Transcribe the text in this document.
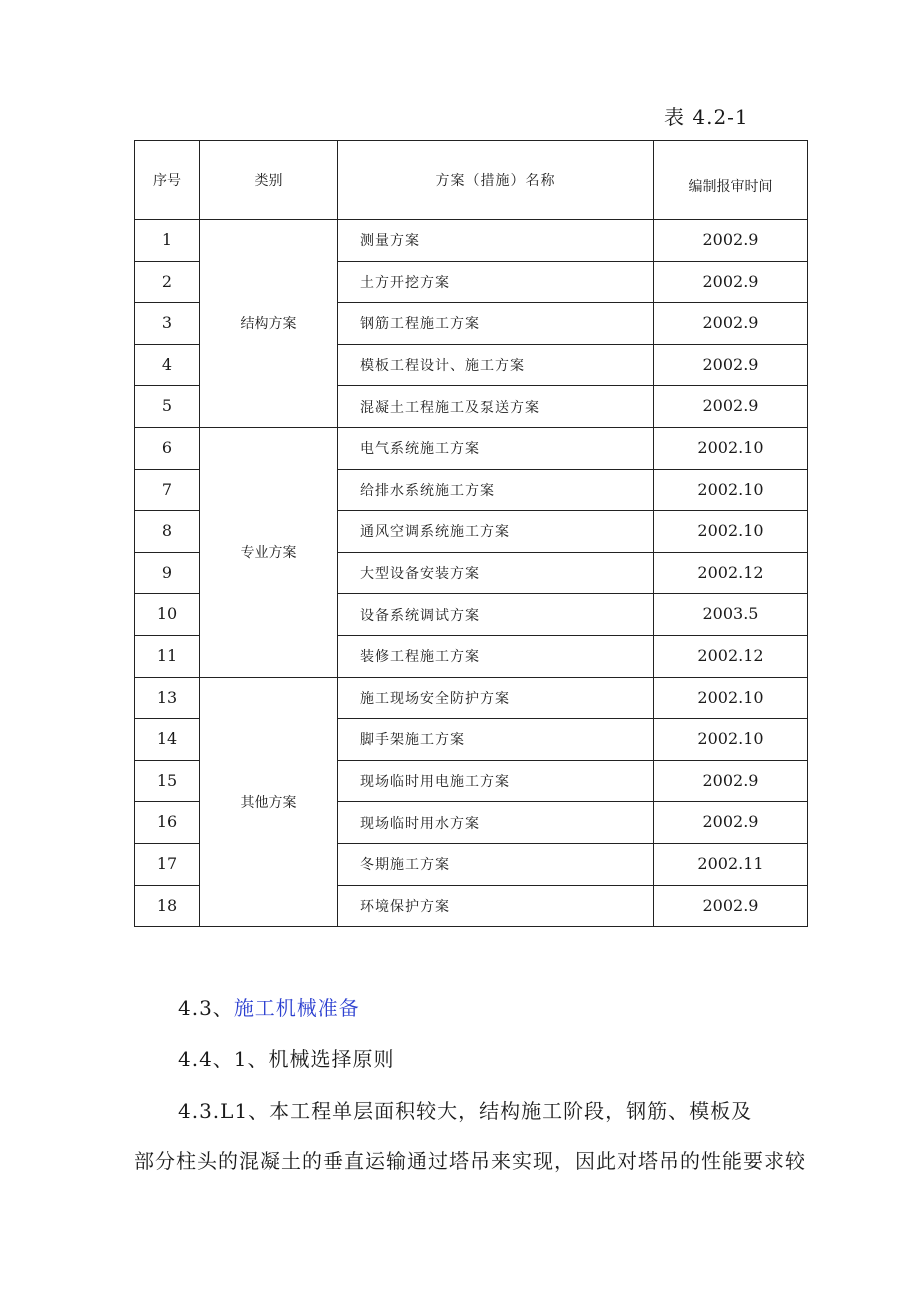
表 4.2-1
序号	类别	方案（措施）名称	编制报审时间
1	结构方案	测量方案	2002.9
2		土方开挖方案	2002.9
3		钢筋工程施工方案	2002.9
4		模板工程设计、施工方案	2002.9
5		混凝土工程施工及泵送方案	2002.9
6	专业方案	电气系统施工方案	2002.10
7		给排水系统施工方案	2002.10
8		通风空调系统施工方案	2002.10
9		大型设备安装方案	2002.12
10		设备系统调试方案	2003.5
11		装修工程施工方案	2002.12
13	其他方案	施工现场安全防护方案	2002.10
14		脚手架施工方案	2002.10
15		现场临时用电施工方案	2002.9
16		现场临时用水方案	2002.9
17		冬期施工方案	2002.11
18		环境保护方案	2002.9
4.3、施工机械准备
4.4、1、机械选择原则
4.3.L1、本工程单层面积较大，结构施工阶段，钢筋、模板及
部分柱头的混凝土的垂直运输通过塔吊来实现，因此对塔吊的性能要求较
